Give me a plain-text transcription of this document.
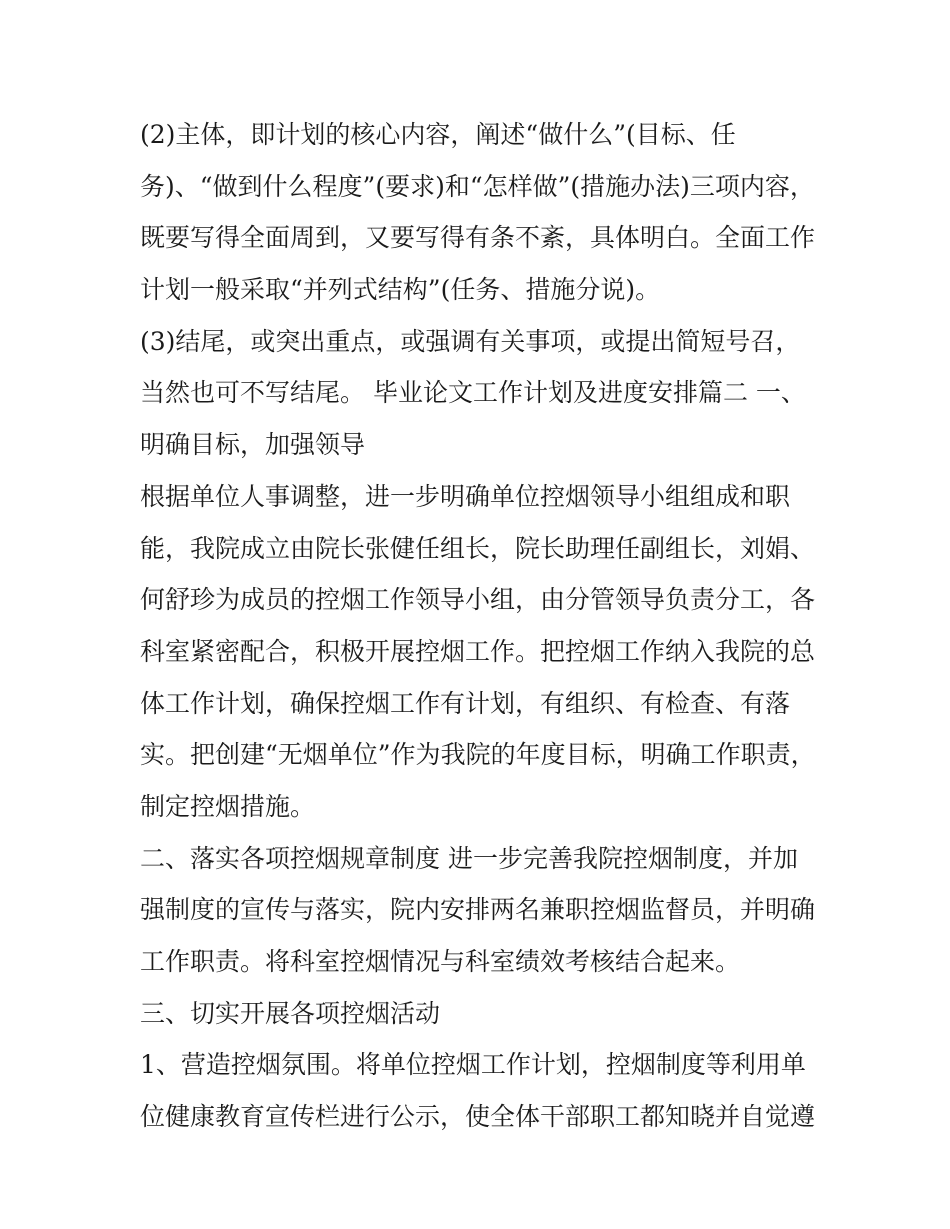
(2)主体，即计划的核心内容，阐述“做什么”(目标、任
务)、“做到什么程度”(要求)和“怎样做”(措施办法)三项内容，
既要写得全面周到，又要写得有条不紊，具体明白。全面工作
计划一般采取“并列式结构”(任务、措施分说)。
(3)结尾，或突出重点，或强调有关事项，或提出简短号召，
当然也可不写结尾。 毕业论文工作计划及进度安排篇二 一、
明确目标，加强领导
根据单位人事调整，进一步明确单位控烟领导小组组成和职
能，我院成立由院长张健任组长，院长助理任副组长，刘娟、
何舒珍为成员的控烟工作领导小组，由分管领导负责分工，各
科室紧密配合，积极开展控烟工作。把控烟工作纳入我院的总
体工作计划，确保控烟工作有计划，有组织、有检查、有落
实。把创建“无烟单位”作为我院的年度目标，明确工作职责，
制定控烟措施。
二、落实各项控烟规章制度 进一步完善我院控烟制度，并加
强制度的宣传与落实，院内安排两名兼职控烟监督员，并明确
工作职责。将科室控烟情况与科室绩效考核结合起来。
三、切实开展各项控烟活动
1、营造控烟氛围。将单位控烟工作计划，控烟制度等利用单
位健康教育宣传栏进行公示，使全体干部职工都知晓并自觉遵
